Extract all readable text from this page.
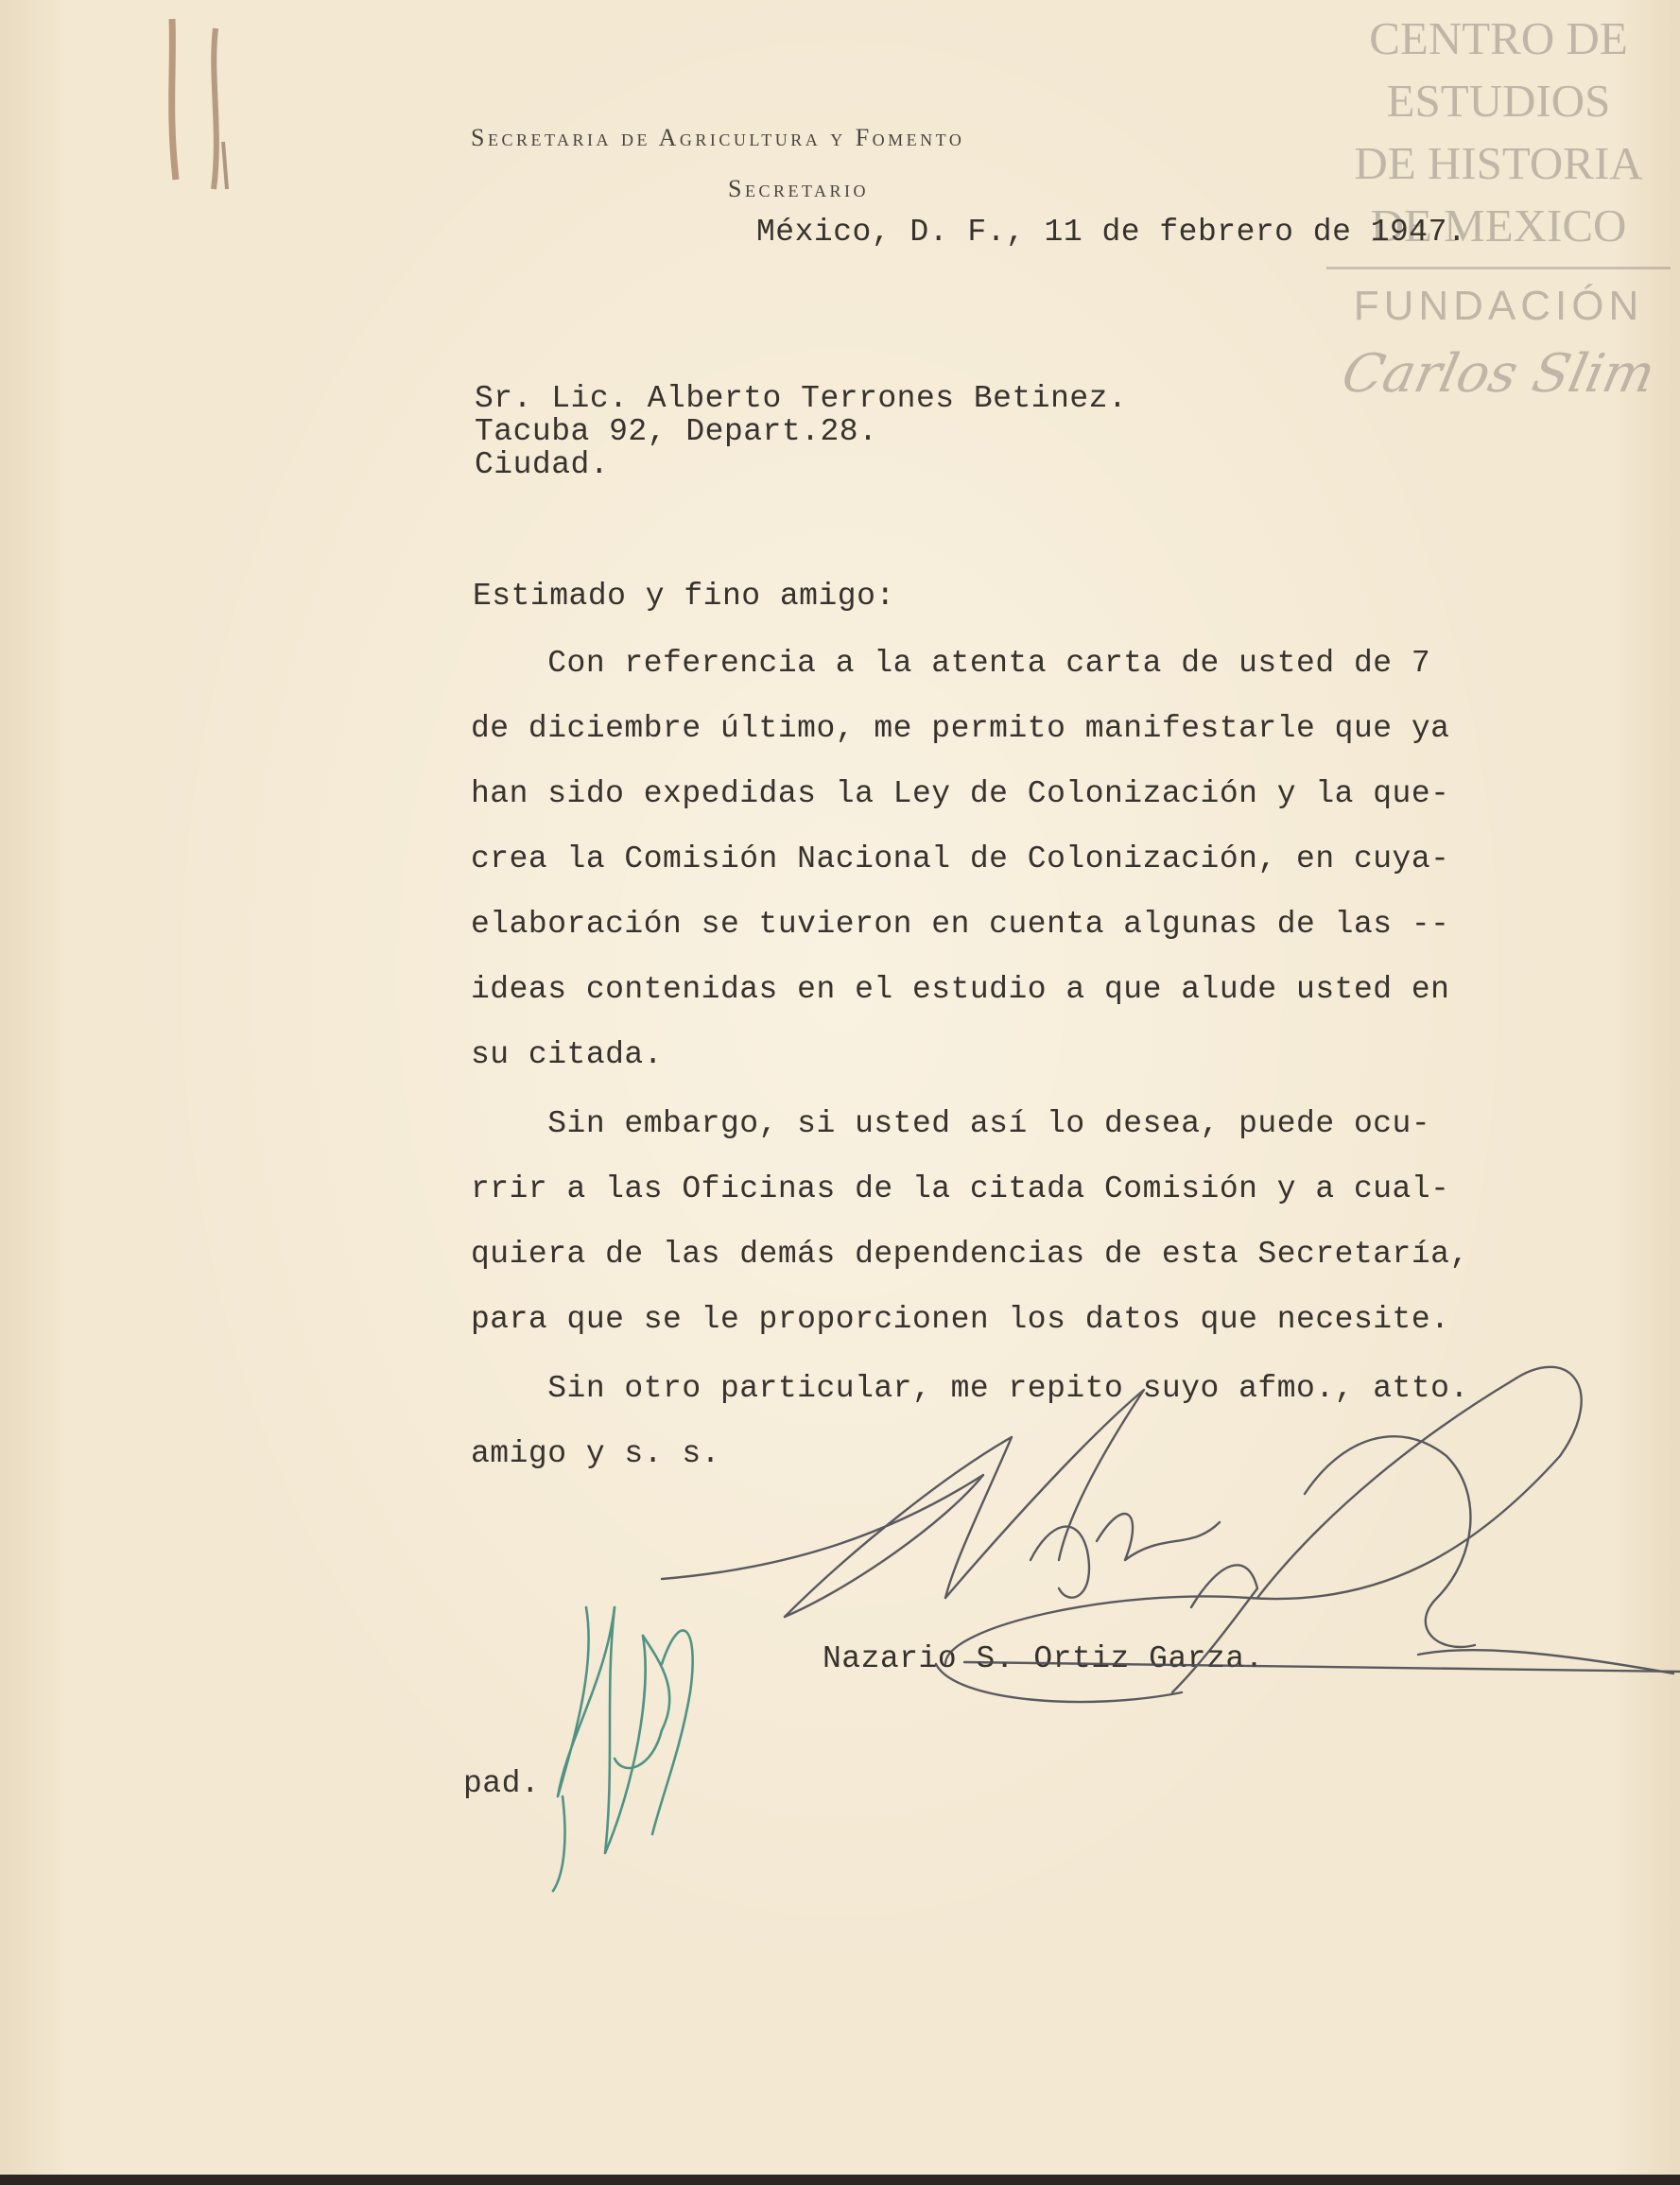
Secretaria de Agricultura y Fomento
Secretario
CENTRO DE
ESTUDIOS
DE HISTORIA
DE MEXICO
FUNDACIÓN
Carlos Slim
México, D. F., 11 de febrero de 1947.
Sr. Lic. Alberto Terrones Betinez.
Tacuba 92, Depart.28.
Ciudad.
Estimado y fino amigo:
Con referencia a la atenta carta de usted de 7
de diciembre último, me permito manifestarle que ya
han sido expedidas la Ley de Colonización y la que-
crea la Comisión Nacional de Colonización, en cuya-
elaboración se tuvieron en cuenta algunas de las --
ideas contenidas en el estudio a que alude usted en
su citada.
Sin embargo, si usted así lo desea, puede ocu-
rrir a las Oficinas de la citada Comisión y a cual-
quiera de las demás dependencias de esta Secretaría,
para que se le proporcionen los datos que necesite.
Sin otro particular, me repito suyo afmo., atto.
amigo y s. s.
Nazario S. Ortiz Garza.
pad.
